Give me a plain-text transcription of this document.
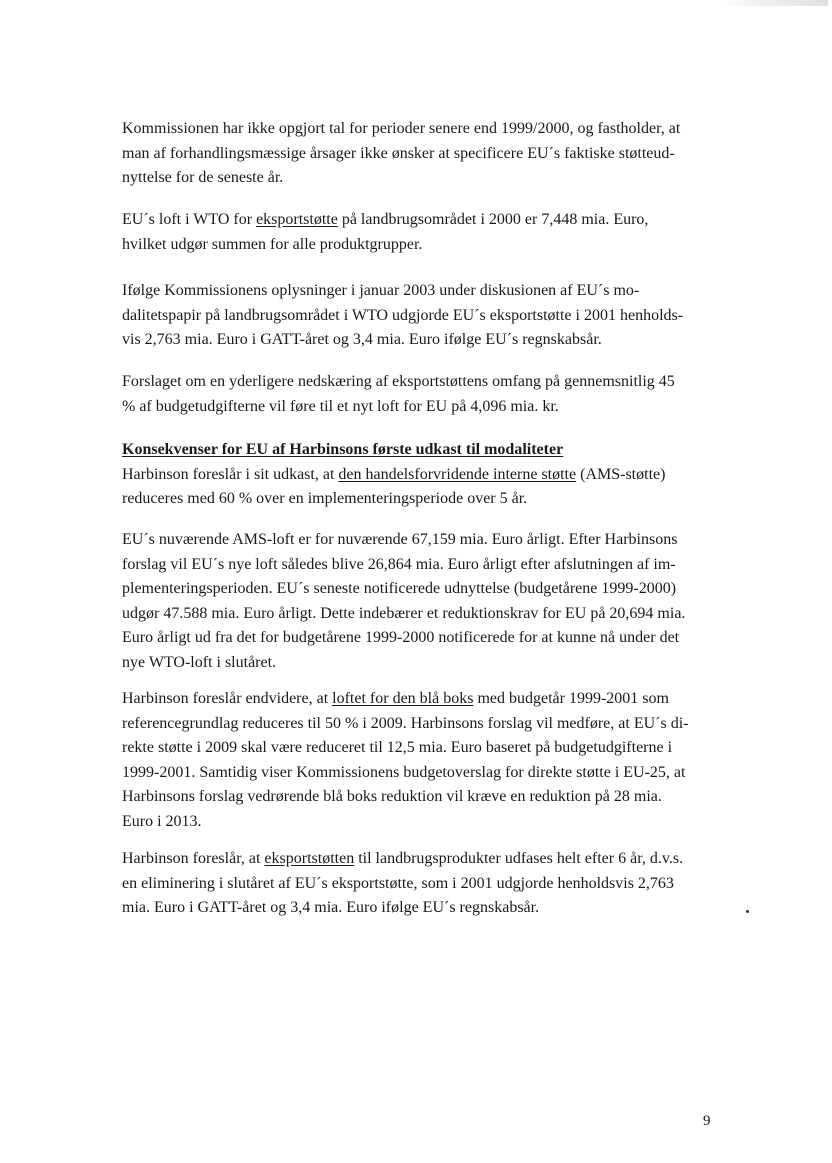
Kommissionen har ikke opgjort tal for perioder senere end 1999/2000, og fastholder, at
man af forhandlingsmæssige årsager ikke ønsker at specificere EU´s faktiske støtteud-
nyttelse for de seneste år.

EU´s loft i WTO for eksportstøtte på landbrugsområdet i 2000 er 7,448 mia. Euro,
hvilket udgør summen for alle produktgrupper.

Ifølge Kommissionens oplysninger i januar 2003 under diskusionen af EU´s mo-
dalitetspapir på landbrugsområdet i WTO udgjorde EU´s eksportstøtte i 2001 henholds-
vis 2,763 mia. Euro i GATT-året og 3,4 mia. Euro ifølge EU´s regnskabsår.

Forslaget om en yderligere nedskæring af eksportstøttens omfang på gennemsnitlig 45
% af budgetudgifterne vil føre til et nyt loft for EU på 4,096 mia. kr.

Konsekvenser for EU af Harbinsons første udkast til modaliteter
Harbinson foreslår i sit udkast, at den handelsforvridende interne støtte (AMS-støtte)
reduceres med 60 % over en implementeringsperiode over 5 år.

EU´s nuværende AMS-loft er for nuværende 67,159 mia. Euro årligt. Efter Harbinsons
forslag vil EU´s nye loft således blive 26,864 mia. Euro årligt efter afslutningen af im-
plementeringsperioden. EU´s seneste notificerede udnyttelse (budgetårene 1999-2000)
udgør 47.588 mia. Euro årligt. Dette indebærer et reduktionskrav for EU på 20,694 mia.
Euro årligt ud fra det for budgetårene 1999-2000 notificerede for at kunne nå under det
nye WTO-loft i slutåret.

Harbinson foreslår endvidere, at loftet for den blå boks med budgetår 1999-2001 som
referencegrundlag reduceres til 50 % i 2009. Harbinsons forslag vil medføre, at EU´s di-
rekte støtte i 2009 skal være reduceret til 12,5 mia. Euro baseret på budgetudgifterne i
1999-2001. Samtidig viser Kommissionens budgetoverslag for direkte støtte i EU-25, at
Harbinsons forslag vedrørende blå boks reduktion vil kræve en reduktion på 28 mia.
Euro i 2013.

Harbinson foreslår, at eksportstøtten til landbrugsprodukter udfases helt efter 6 år, d.v.s.
en eliminering i slutåret af EU´s eksportstøtte, som i 2001 udgjorde henholdsvis 2,763
mia. Euro i GATT-året og 3,4 mia. Euro ifølge EU´s regnskabsår.

9
